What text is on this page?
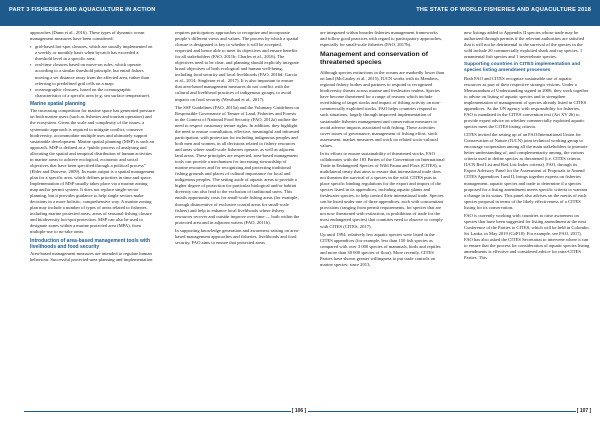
PART 3 FISHERIES AND AQUACULTURE IN ACTION	THE STATE OF WORLD FISHERIES AND AQUACULTURE 2018

approaches (Dunn et al., 2016). These types of dynamic ocean management measures have been considered:

▪ grid-based hot-spot closures, which are usually implemented on a weekly or monthly basis when bycatch has exceeded a threshold level in a specific area;
▪ real-time closures based on move-on rules, which operate according to a similar threshold principle, but entail fishers moving a set distance away from the affected area, rather than referring to predefined grid cells on a map;
▪ oceanographic closures, based on the oceanographic characteristics of a specific area (e.g. sea surface temperature).
Marine spatial planning

The increasing competition for marine space has generated pressure on both marine users (such as fisheries and tourism operators) and the ecosystem. Given the scale and complexity of the issues, a systematic approach is required to mitigate conflict, conserve biodiversity, accommodate multiple uses and ultimately support sustainable development. Marine spatial planning (MSP) is such an approach. MSP is defined as a “public process of analysing and allocating the spatial and temporal distribution of human activities in marine areas to achieve ecological, economic and social objectives that have been specified through a political process” (Ehler and Douvere, 2009). Its main output is a spatial management plan for a specific area, which defines priorities in time and space. Implementation of MSP usually takes place via a marine zoning map and/or permit system. It does not replace single-sector planning, but it provides guidance to help single sectors make decisions in a more holistic, comprehensive way. A marine zoning plan may include a number of types of areas related to fisheries, including marine protected areas, areas of seasonal fishing closure and biodiversity hot-spot protection. MSP can also be used to designate zones within a marine protected area (MPA), from multiple-use to no-take areas.

Introduction of area-based management tools with livelihoods and food security

Area-based management measures are intended to regulate human behaviour. Successful protected-area planning and implementation

requires participatory approaches to recognize and incorporate people’s different views and values. The process by which a spatial closure is designated is key to whether it will be accepted, respected and hence able to meet its objectives and ensure benefits for all stakeholders (FAO, 2011b; Charles et al., 2016). The objectives need to be clear, and planning should explicitly integrate broad objectives of both ecological and human well-being, including food security and local livelihoods (FAO, 2016d; Garcia et al., 2014; Singleton et al., 2017). It is also important to ensure that area-based management measures do not conflict with the cultural and livelihood practices of indigenous groups, to avoid impacts on food security (Westlund et al., 2017).

The SSF Guidelines (FAO, 2015a) and the Voluntary Guidelines on Responsible Governance of Tenure of Land, Fisheries and Forests in the Context of National Food Security (FAO, 2012a) outline the need to respect customary tenure rights. In addition, they highlight the need to ensure consultation, effective, meaningful and informed participation, with protection for including indigenous peoples and both men and women, in all decisions related to fishery resources and areas where small-scale fisheries operate, as well as adjacent land areas. These principles are respected, area-based management tools can provide a mechanism for increasing stewardship of marine resources and for recognizing and protecting traditional fishing grounds and places of cultural importance for local and indigenous peoples. The setting aside of aquatic areas to provide a higher degree of protection for particular biological and/or habitat diversity can also lead to the exclusion of traditional users. This entails opportunity costs for small-scale fishing areas (for example, through disincentive of exclusive coastal areas for small-scale fishers) and help to enhance local livelihoods where fishery resources recover and outside improve over time — both within the protected area and in adjacent waters (FAO, 2011b).

In supporting knowledge generation and awareness-raising on area-based management approaches and fisheries, livelihoods and food security, FAO aims to ensure that protected areas

are integrated within broader fisheries management frameworks and follow good practices with regard to participatory approaches, especially for small-scale fisheries (FAO, 2017b).

Management and conservation of threatened species

Although species extinctions in the oceans are markedly lower than on land (McCauley et al., 2015), IUCN works with its Members, regional fishery bodies and partners to respond to recognized biodiversity threats across marine and freshwater realms. Species have become threatened for a range of reasons which include overfishing of target stocks and impact of fishing activity on non-commercially exploited stocks. FAO helps countries respond to such situations, largely through improved implementation of sustainable fisheries management and conservation measures to avoid adverse impacts associated with fishing. These activities cover issues of governance, management of fishing effort, stock assessment, market measures and work on related socio-cultural values.

In its efforts to ensure sustainability of threatened stocks, FAO collaborates with the 183 Parties of the Convention on International Trade in Endangered Species of Wild Fauna and Flora (CITES), a multilateral treaty that aims to ensure that international trade does not threaten the survival of a species in the wild. CITES puts in place specific binding regulations for the export and import of the species listed in its appendices, including aquatic plants and freshwater species, to help control their international trade. Species can be listed under one of three appendices, each with concomitant provisions (ranging from permit requirements, for species that are not now threatened with extinction, to prohibition of trade for the most endangered species) that countries need to observe to comply with CITES (CITES, 2017).

Up until 1994, relatively few aquatic species were listed in the CITES appendices (for example, less than 150 fish species as compared with over 3 000 species of mammals, birds and reptiles and more than 30 000 species of flora). More recently, CITES Parties have shown greater willingness to put trade controls on marine species; since 2013,

new listings added to Appendix II species whose trade may be authorized through permits if the relevant authorities are satisfied that it will not be detrimental to the survival of the species in the wild include 20 commercially exploited shark and ray species, 1 ornamental fish species and 1 invertebrate species.

Supporting countries in CITES implementation and species listing amendment processes

Both FAO and CITES recognize sustainable use of aquatic resources as part of their respective strategic visions. Under a Memorandum of Understanding signed in 2006, they work together to advise on listing of aquatic species and to strengthen implementation of management of species already listed in CITES appendices. As the UN agency with responsibility for fisheries, FAO is mandated in the CITES convention text (Art XV 2b) to provide expert advice on whether commercially exploited aquatic species meet the CITES listing criteria.

CITES invited the setting up of an FAO/International Union for Conservation of Nature (IUCN) joint technical working group to encourage cooperation among all the main stakeholders to promote better understanding of, and complementarity among, the various criteria used to define species as threatened (i.e. CITES criteria, IUCN Red List and Red List Index criteria). FAO, through its Expert Advisory Panel for the Assessment of Proposals to Amend CITES Appendices I and II, brings together experts on fisheries management, aquatic species and trade to determine if a species proposed for a listing amendment meets specific criteria to warrant a change in its status. This panel also advises on the merits of each species proposal in terms of the likely effectiveness of a CITES listing for its conservation.

FAO is currently working with countries to raise awareness on species that have been suggested for listing amendment at the next Conference of the Parties to CITES, which will be held in Colombo, Sri Lanka, in May 2019 (CoP18). For example, see FAO, 2017j. FAO has also asked the CITES Secretariat to intervene where it can to ensure that the process for consideration of aquatic species listing amendments is effective and considered advice for intra-CITES Parties. This

[ 106 ]	[ 107 ]
